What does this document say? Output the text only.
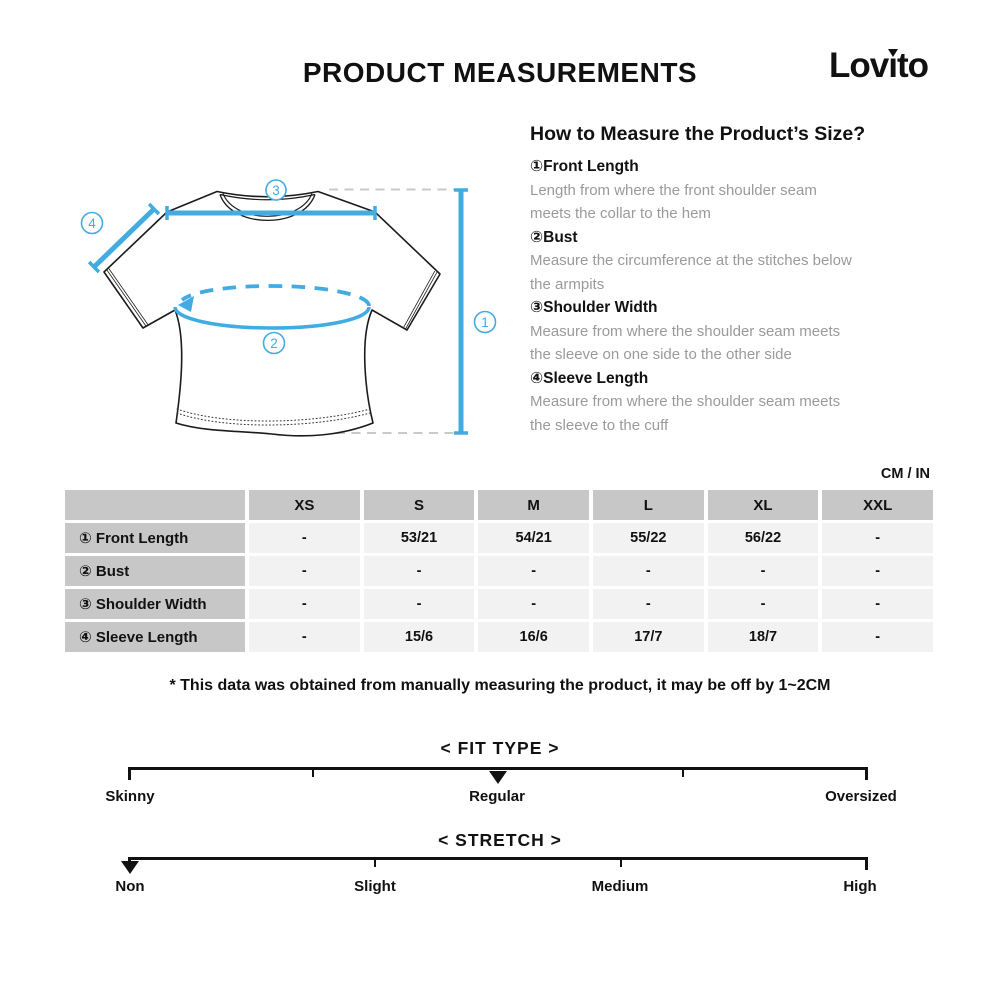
PRODUCT MEASUREMENTS	Lovı
to
3
4
2
1
How to Measure the Product’s Size?
①Front Length
Length from where the front shoulder seam
meets the collar to the hem
②Bust
Measure the circumference at the stitches below
the armpits
③Shoulder Width
Measure from where the shoulder seam meets
the sleeve on one side to the other side
④Sleeve Length
Measure from where the shoulder seam meets
the sleeve to the cuff
CM / IN
XS	S	M	L	XL	XXL
① Front Length	-	53/21	54/21	55/22	56/22	-
② Bust	-	-	-	-	-	-
③ Shoulder Width	-	-	-	-	-	-
④ Sleeve Length	-	15/6	16/6	17/7	18/7	-
* This data was obtained from manually measuring the product, it may be off by 1~2CM
< FIT TYPE >
Skinny	Regular	Oversized
< STRETCH >
Non	Slight	Medium	High
